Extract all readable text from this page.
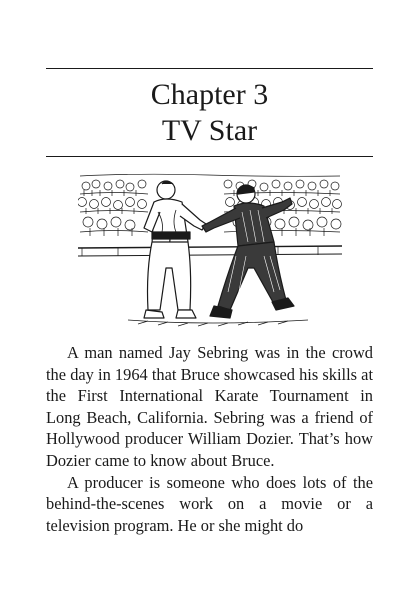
Chapter 3
TV Star

A man named Jay Sebring was in the crowd the day in 1964 that Bruce showcased his skills at the First International Karate Tournament in Long Beach, California. Sebring was a friend of Hollywood producer William Dozier. That’s how Dozier came to know about Bruce.

A producer is someone who does lots of the behind-the-scenes work on a movie or a television program. He or she might do
